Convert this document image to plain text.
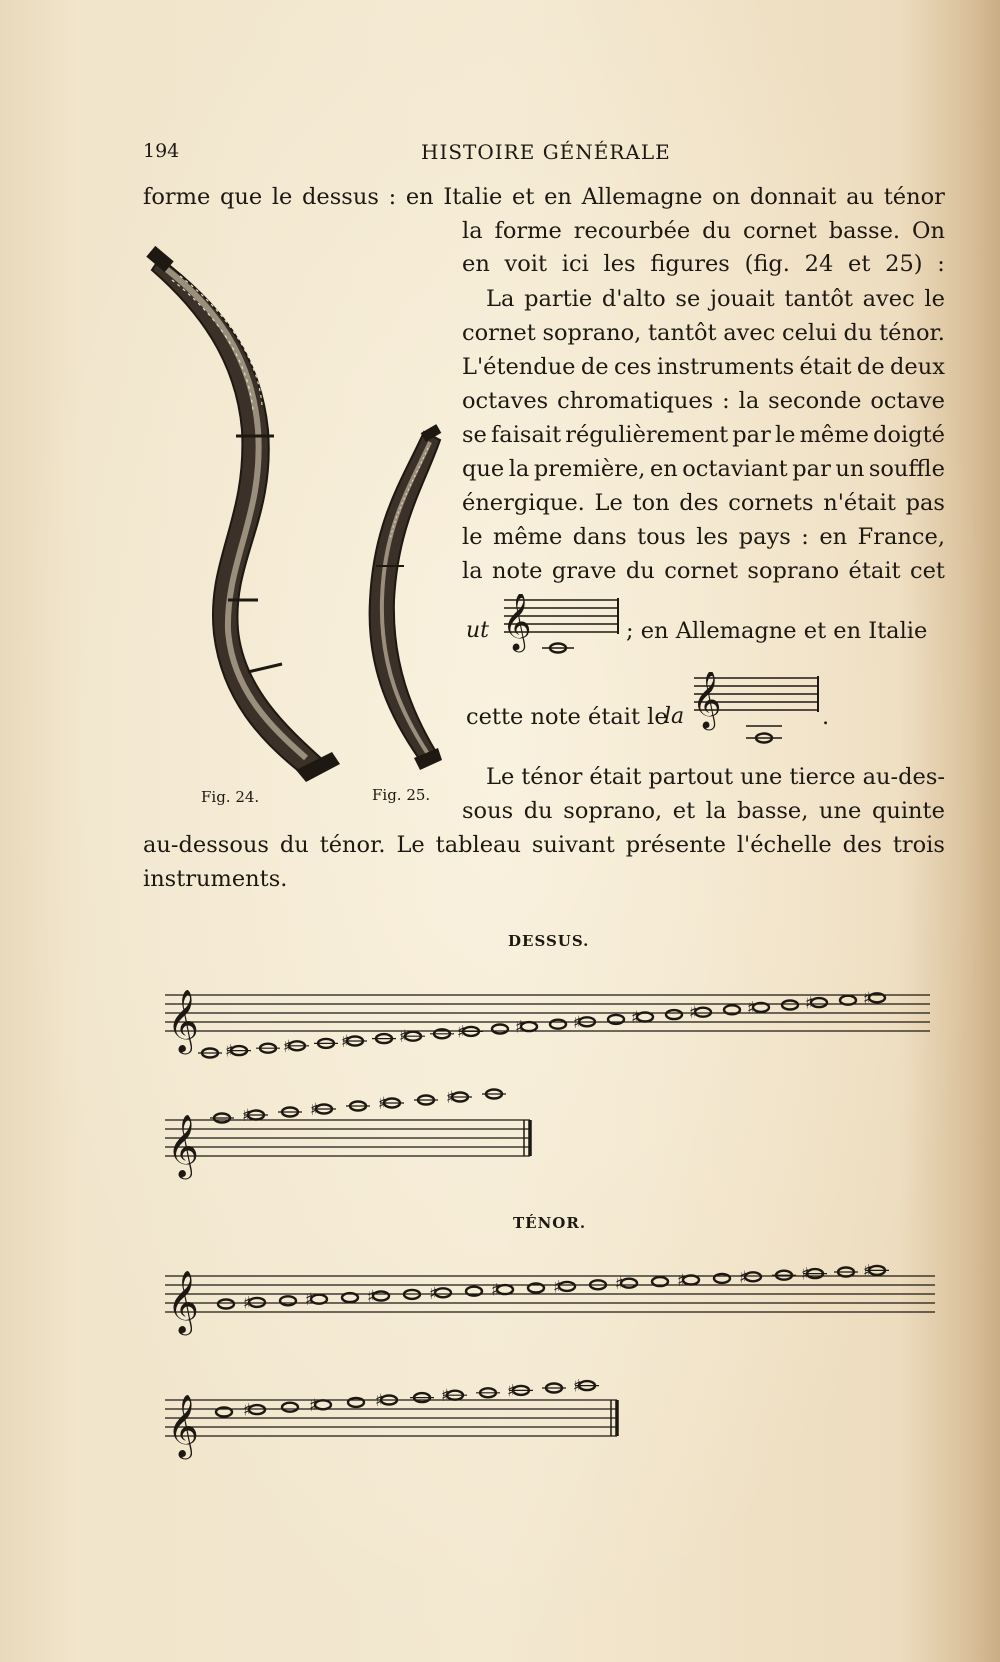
194	HISTOIRE GÉNÉRALE
Fig. 24.	Fig. 25.
forme que le dessus : en Italie et en Allemagne on donnait au ténor
la forme recourbée du cornet basse. On
en voit ici les figures (fig. 24 et 25) :
La partie d'alto se jouait tantôt avec le
cornet soprano, tantôt avec celui du ténor.
L'étendue de ces instruments était de deux
octaves chromatiques : la seconde octave
se faisait régulièrement par le même doigté
que la première, en octaviant par un souffle
énergique. Le ton des cornets n'était pas
le même dans tous les pays : en France,
la note grave du cornet soprano était cet
ut 𝄞	; en Allemagne et en Italie
cette note était le
la 𝄞	.
Le ténor était partout une tierce au-des-
sous du soprano, et la basse, une quinte
au-dessous du ténor. Le tableau suivant présente l'échelle des trois
instruments.
DESSUS.
TÉNOR.
𝄞 ♯	♯	♯	♯	♯	♯	♯	♯	♯	♯	♯	♯
𝄞	♯	♯	♯	♯
𝄞	♯	♯	♯	♯	♯	♯	♯	♯	♯	♯	♯
𝄞	♯	♯	♯	♯	♯	♯
